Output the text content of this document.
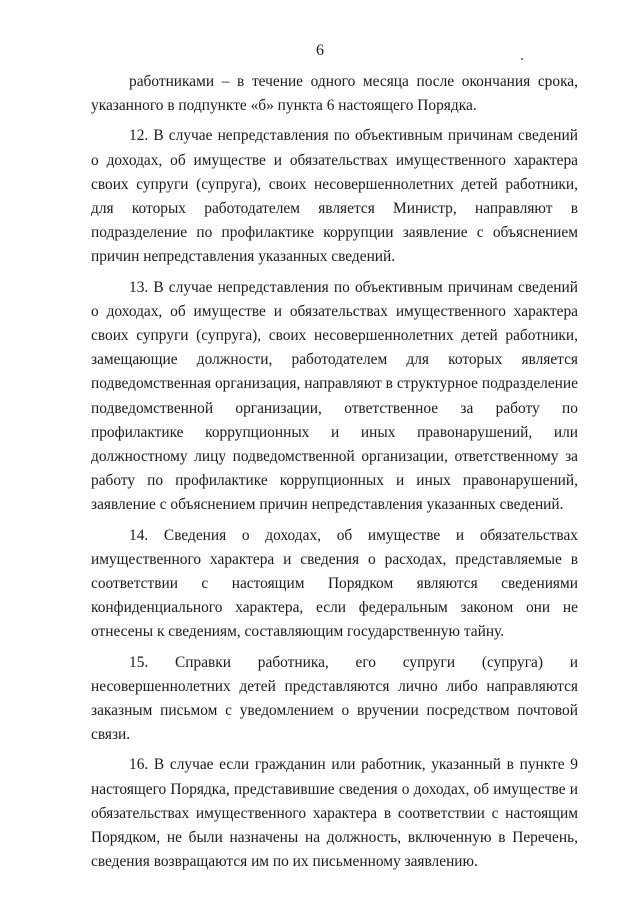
6

работниками – в течение одного месяца после окончания срока, указанного в подпункте «б» пункта 6 настоящего Порядка.

12. В случае непредставления по объективным причинам сведений о доходах, об имуществе и обязательствах имущественного характера своих супруги (супруга), своих несовершеннолетних детей работники, для которых работодателем является Министр, направляют в подразделение по профилактике коррупции заявление с объяснением причин непредставления указанных сведений.

13. В случае непредставления по объективным причинам сведений о доходах, об имуществе и обязательствах имущественного характера своих супруги (супруга), своих несовершеннолетних детей работники, замещающие должности, работодателем для которых является подведомственная организация, направляют в структурное подразделение подведомственной организации, ответственное за работу по профилактике коррупционных и иных правонарушений, или должностному лицу подведомственной организации, ответственному за работу по профилактике коррупционных и иных правонарушений, заявление с объяснением причин непредставления указанных сведений.

14. Сведения о доходах, об имуществе и обязательствах имущественного характера и сведения о расходах, представляемые в соответствии с настоящим Порядком являются сведениями конфиденциального характера, если федеральным законом они не отнесены к сведениям, составляющим государственную тайну.

15. Справки работника, его супруги (супруга) и несовершеннолетних детей представляются лично либо направляются заказным письмом с уведомлением о вручении посредством почтовой связи.

16. В случае если гражданин или работник, указанный в пункте 9 настоящего Порядка, представившие сведения о доходах, об имуществе и обязательствах имущественного характера в соответствии с настоящим Порядком, не были назначены на должность, включенную в Перечень, сведения возвращаются им по их письменному заявлению.
